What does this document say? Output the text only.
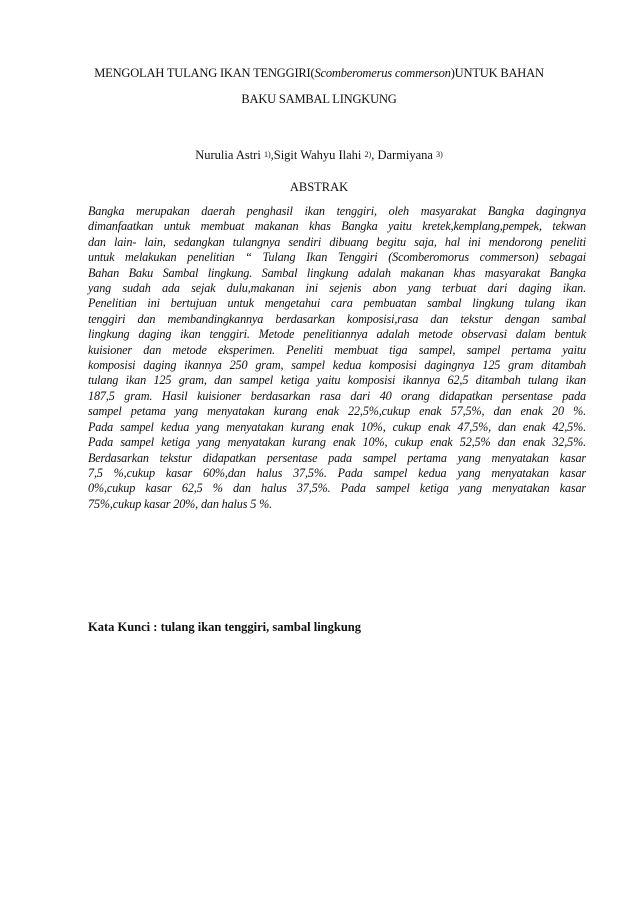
MENGOLAH TULANG IKAN TENGGIRI(Scomberomerus commerson)UNTUK BAHAN
BAKU SAMBAL LINGKUNG
Nurulia Astri $^{1)}$,Sigit Wahyu Ilahi $^{2)}$, Darmiyana $^{3)}$
ABSTRAK
Bangka merupakan daerah penghasil ikan tenggiri, oleh masyarakat Bangka dagingnya
dimanfaatkan untuk membuat makanan khas Bangka yaitu kretek,kemplang,pempek, tekwan
dan lain- lain, sedangkan tulangnya sendiri dibuang begitu saja, hal ini mendorong peneliti
untuk melakukan penelitian “ Tulang Ikan Tenggiri (Scomberomorus commerson) sebagai
Bahan Baku Sambal lingkung. Sambal lingkung adalah makanan khas masyarakat Bangka
yang sudah ada sejak dulu,makanan ini sejenis abon yang terbuat dari daging ikan.
Penelitian ini bertujuan untuk mengetahui cara pembuatan sambal lingkung tulang ikan
tenggiri dan membandingkannya berdasarkan komposisi,rasa dan tekstur dengan sambal
lingkung daging ikan tenggiri. Metode penelitiannya adalah metode observasi dalam bentuk
kuisioner dan metode eksperimen. Peneliti membuat tiga sampel, sampel pertama yaitu
komposisi daging ikannya 250 gram, sampel kedua komposisi dagingnya 125 gram ditambah
tulang ikan 125 gram, dan sampel ketiga yaitu komposisi ikannya 62,5 ditambah tulang ikan
187,5 gram. Hasil kuisioner berdasarkan rasa dari 40 orang didapatkan persentase pada
sampel petama yang menyatakan kurang enak 22,5%,cukup enak 57,5%, dan enak 20 %.
Pada sampel kedua yang menyatakan kurang enak 10%, cukup enak 47,5%, dan enak 42,5%.
Pada sampel ketiga yang menyatakan kurang enak 10%, cukup enak 52,5% dan enak 32,5%.
Berdasarkan tekstur didapatkan persentase pada sampel pertama yang menyatakan kasar
7,5 %,cukup kasar 60%,dan halus 37,5%. Pada sampel kedua yang menyatakan kasar
0%,cukup kasar 62,5 % dan halus 37,5%. Pada sampel ketiga yang menyatakan kasar
75%,cukup kasar 20%, dan halus 5 %.
Kata Kunci : tulang ikan tenggiri, sambal lingkung
